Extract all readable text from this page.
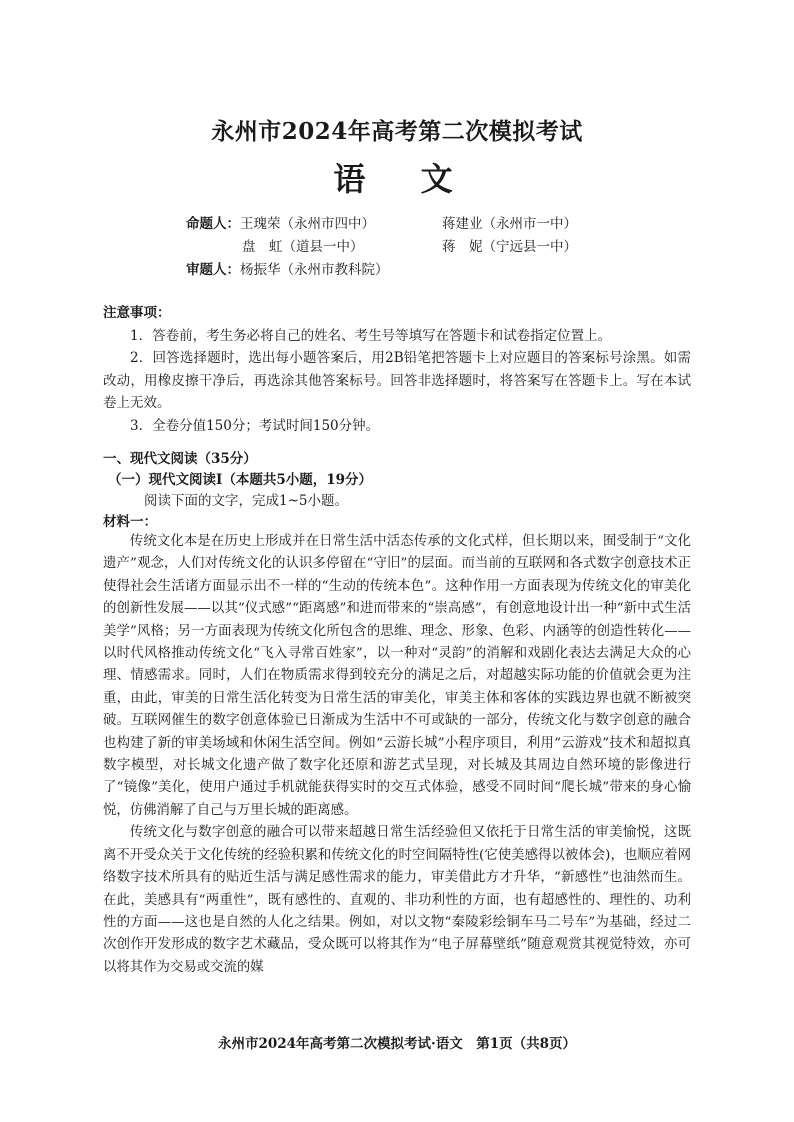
永州市2024年高考第二次模拟考试
语 文
命题人：王瑰荣（永州市四中）	蒋建业（永州市一中）
盘　虹（道县一中）	蒋　妮（宁远县一中）
审题人：杨振华（永州市教科院）
注意事项：

1．答卷前，考生务必将自己的姓名、考生号等填写在答题卡和试卷指定位置上。

2．回答选择题时，选出每小题答案后，用2B铅笔把答题卡上对应题目的答案标号涂黑。如需改动，用橡皮擦干净后，再选涂其他答案标号。回答非选择题时，将答案写在答题卡上。写在本试卷上无效。

3．全卷分值150分；考试时间150分钟。

一、现代文阅读（35分）
（一）现代文阅读Ⅰ（本题共5小题，19分）
阅读下面的文字，完成1~5小题。
材料一：

传统文化本是在历史上形成并在日常生活中活态传承的文化式样，但长期以来，囿受制于“文化遗产”观念，人们对传统文化的认识多停留在“守旧”的层面。而当前的互联网和各式数字创意技术正使得社会生活诸方面显示出不一样的“生动的传统本色”。这种作用一方面表现为传统文化的审美化的创新性发展——以其“仪式感”“距离感”和进而带来的“崇高感”，有创意地设计出一种“新中式生活美学”风格；另一方面表现为传统文化所包含的思维、理念、形象、色彩、内涵等的创造性转化——以时代风格推动传统文化“飞入寻常百姓家”，以一种对“灵韵”的消解和戏剧化表达去满足大众的心理、情感需求。同时，人们在物质需求得到较充分的满足之后，对超越实际功能的价值就会更为注重，由此，审美的日常生活化转变为日常生活的审美化，审美主体和客体的实践边界也就不断被突破。互联网催生的数字创意体验已日渐成为生活中不可或缺的一部分，传统文化与数字创意的融合也构建了新的审美场域和休闲生活空间。例如“云游长城”小程序项目，利用“云游戏”技术和超拟真数字模型，对长城文化遗产做了数字化还原和游艺式呈现，对长城及其周边自然环境的影像进行了“镜像”美化，使用户通过手机就能获得实时的交互式体验，感受不同时间“爬长城”带来的身心愉悦，仿佛消解了自己与万里长城的距离感。

传统文化与数字创意的融合可以带来超越日常生活经验但又依托于日常生活的审美愉悦，这既离不开受众关于文化传统的经验积累和传统文化的时空间隔特性(它使美感得以被体会)，也顺应着网络数字技术所具有的贴近生活与满足感性需求的能力，审美借此方才升华，“新感性”也油然而生。在此，美感具有“两重性”，既有感性的、直观的、非功利性的方面，也有超感性的、理性的、功利性的方面——这也是自然的人化之结果。例如，对以文物“秦陵彩绘铜车马二号车”为基础，经过二次创作开发形成的数字艺术藏品，受众既可以将其作为“电子屏幕壁纸”随意观赏其视觉特效，亦可以将其作为交易或交流的媒

永州市2024年高考第二次模拟考试·语文　第1页（共8页）
